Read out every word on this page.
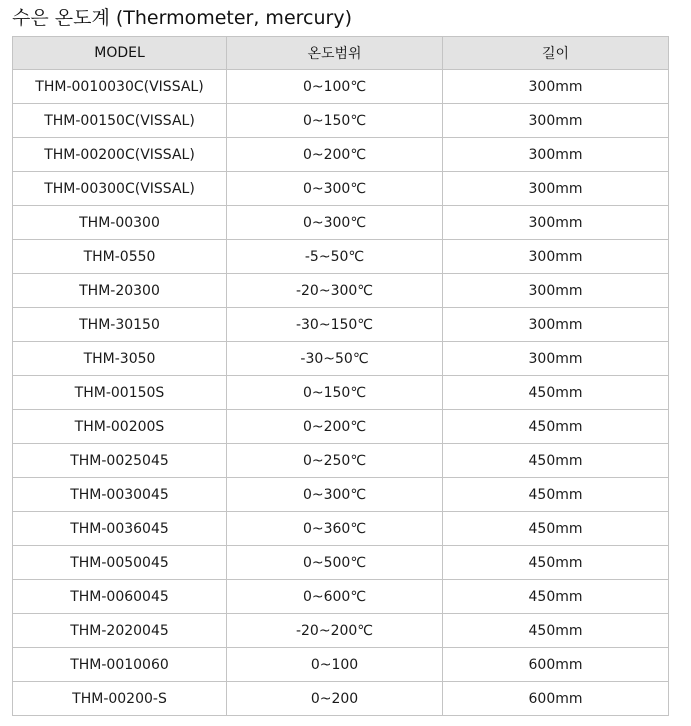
수은 온도계 (Thermometer, mercury)
MODEL	온도범위	길이
THM-0010030C(VISSAL)	0~100℃	300mm
THM-00150C(VISSAL)	0~150℃	300mm
THM-00200C(VISSAL)	0~200℃	300mm
THM-00300C(VISSAL)	0~300℃	300mm
THM-00300	0~300℃	300mm
THM-0550	-5~50℃	300mm
THM-20300	-20~300℃	300mm
THM-30150	-30~150℃	300mm
THM-3050	-30~50℃	300mm
THM-00150S	0~150℃	450mm
THM-00200S	0~200℃	450mm
THM-0025045	0~250℃	450mm
THM-0030045	0~300℃	450mm
THM-0036045	0~360℃	450mm
THM-0050045	0~500℃	450mm
THM-0060045	0~600℃	450mm
THM-2020045	-20~200℃	450mm
THM-0010060	0~100	600mm
THM-00200-S	0~200	600mm
